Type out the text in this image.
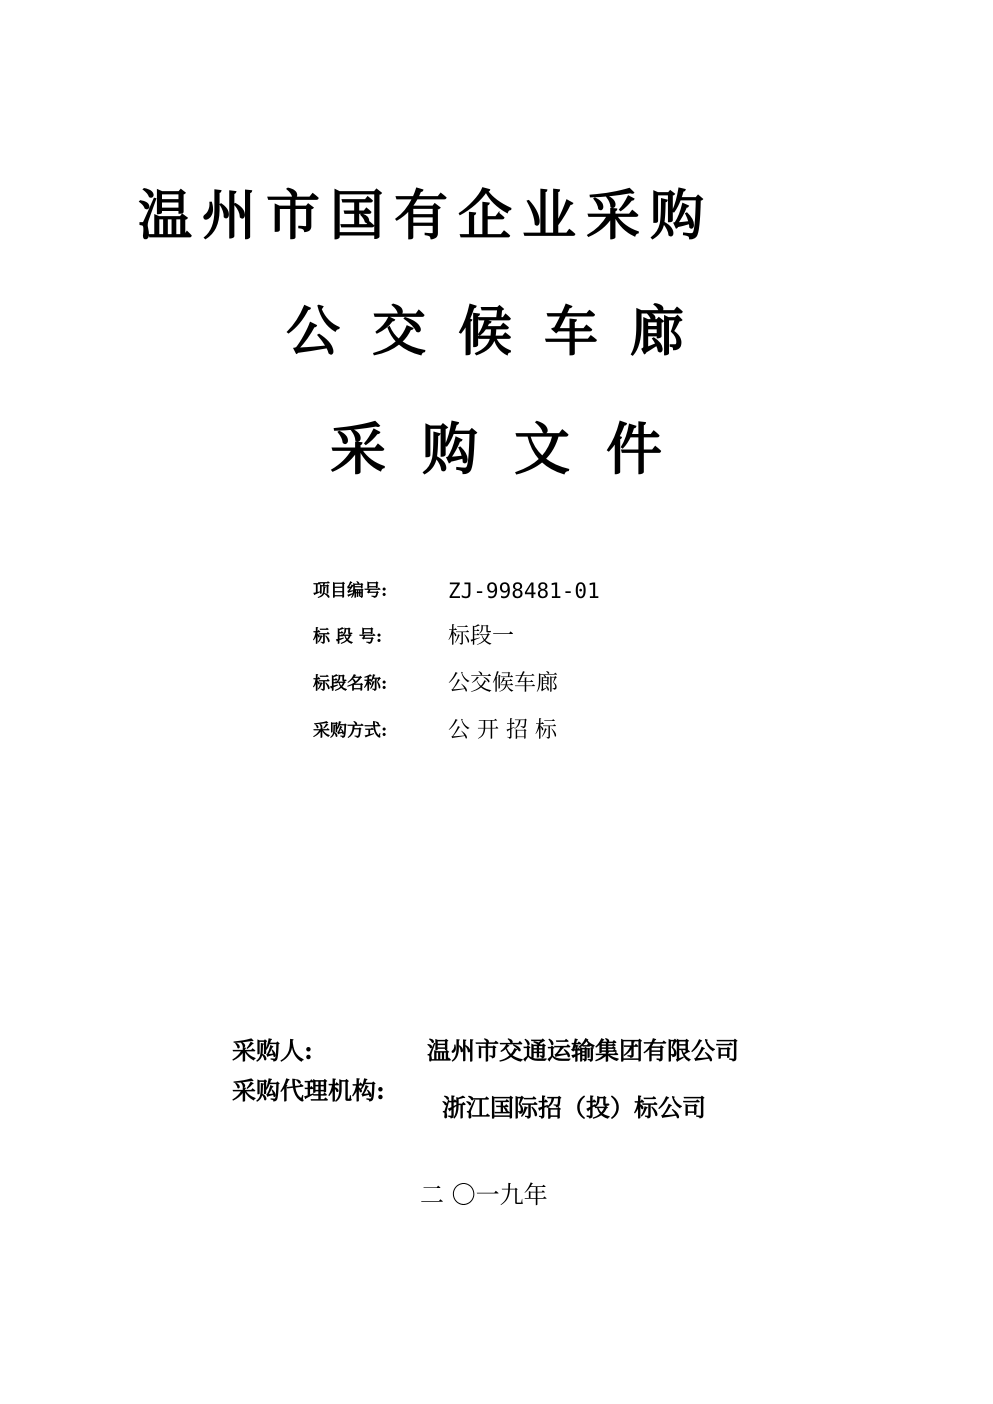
温州市国有企业采购
公交候车廊
采购文件
项目编号:	ZJ-998481-01
标 段 号:	标段一
标段名称:	公交候车廊
采购方式:	公 开 招 标
采购人:	温州市交通运输集团有限公司
采购代理机构:
浙江国际招（投）标公司
二 〇一九年
